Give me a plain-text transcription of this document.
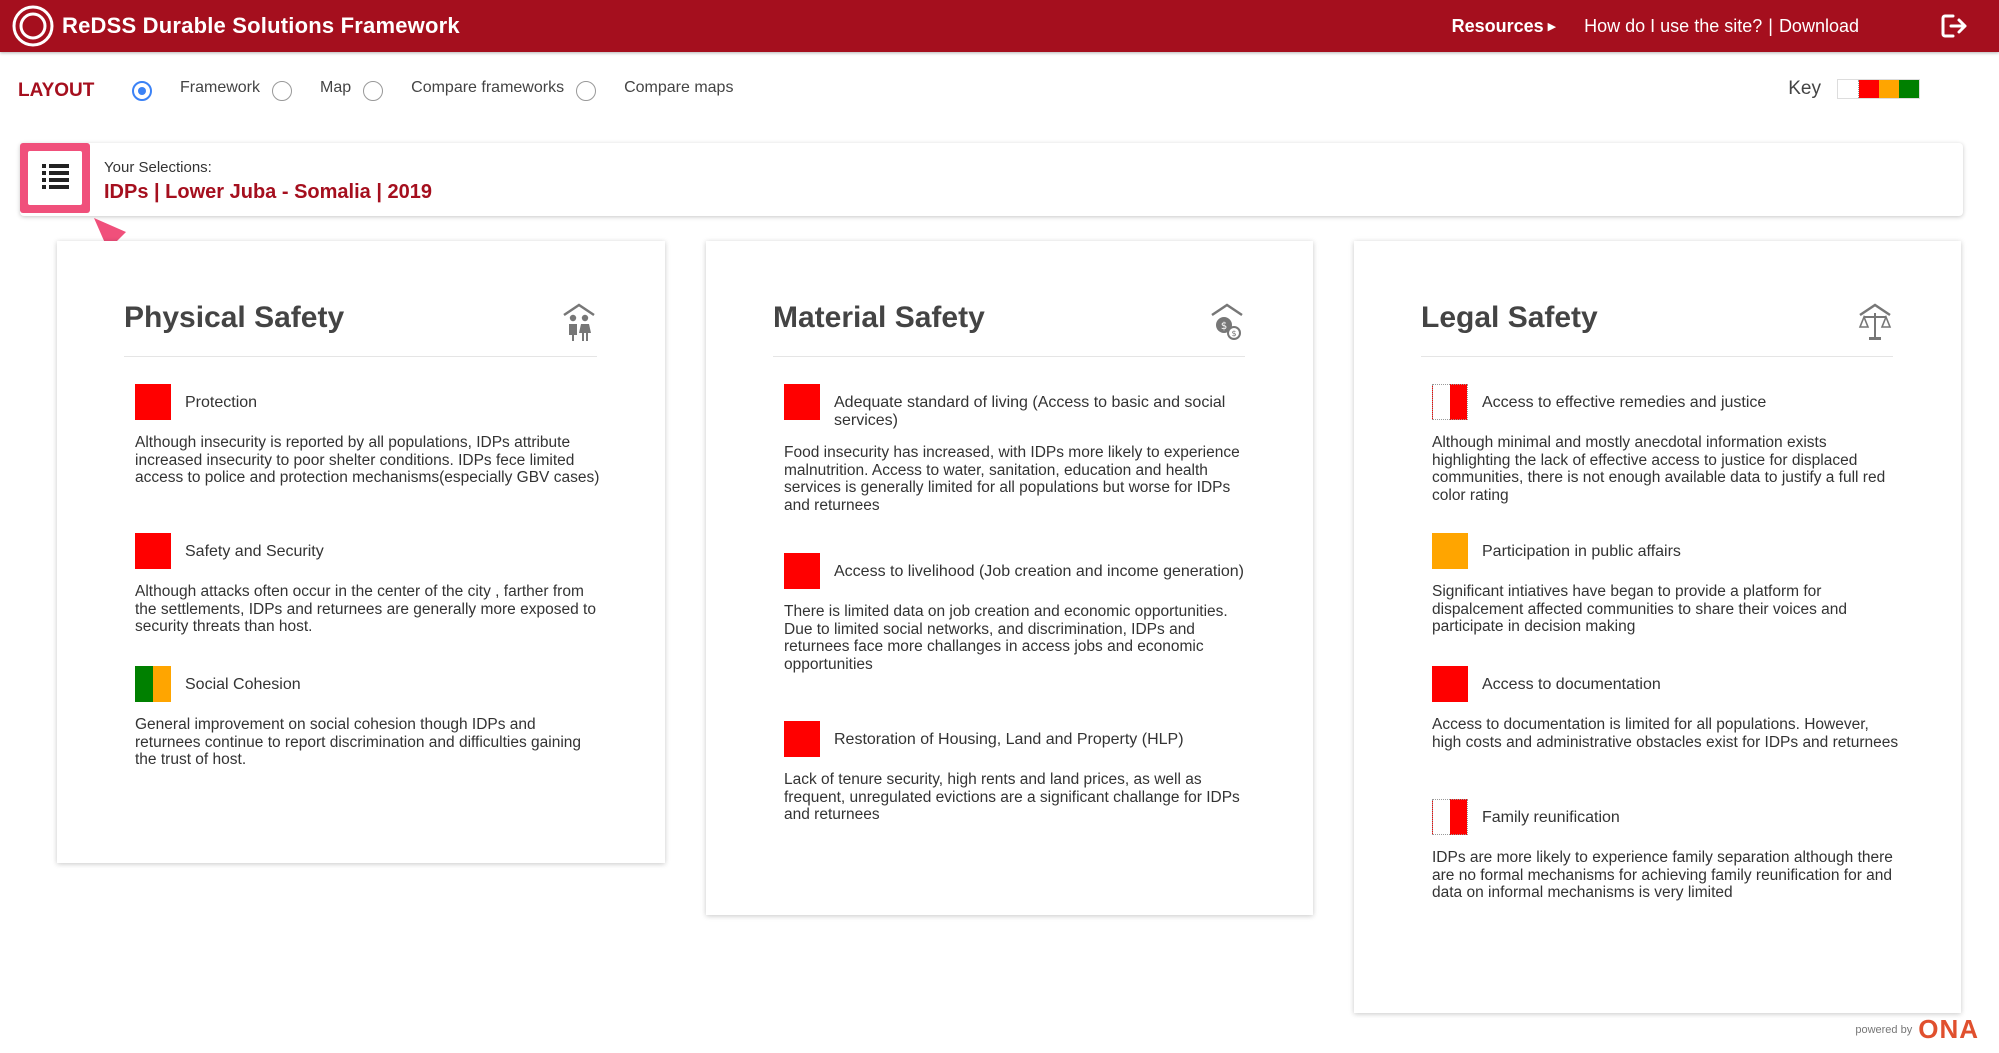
ReDSS Durable Solutions Framework	Resources ▶ How do I use the site? | Download
LAYOUT	Framework	Map	Compare frameworks	Compare maps	Key
Your Selections:
IDPs | Lower Juba - Somalia | 2019
Physical Safety
Protection
Although insecurity is reported by all populations, IDPs attribute increased insecurity to poor shelter conditions. IDPs fece limited access to police and protection mechanisms(especially GBV cases)
Safety and Security
Although attacks often occur in the center of the city , farther from the settlements, IDPs and returnees are generally more exposed to security threats than host.
Social Cohesion
General improvement on social cohesion though IDPs and returnees continue to report discrimination and difficulties gaining the trust of host.
Material Safety	$
$
Adequate standard of living (Access to basic and social services)
Food insecurity has increased, with IDPs more likely to experience malnutrition. Access to water, sanitation, education and health services is generally limited for all populations but worse for IDPs and returnees
Access to livelihood (Job creation and income generation)
There is limited data on job creation and economic opportunities. Due to limited social networks, and discrimination, IDPs and returnees face more challanges in access jobs and economic opportunities
Restoration of Housing, Land and Property (HLP)
Lack of tenure security, high rents and land prices, as well as frequent, unregulated evictions are a significant challange for IDPs and returnees
Legal Safety
Access to effective remedies and justice
Although minimal and mostly anecdotal information exists highlighting the lack of effective access to justice for displaced communities, there is not enough available data to justify a full red color rating
Participation in public affairs
Significant intiatives have began to provide a platform for dispalcement affected communities to share their voices and participate in decision making
Access to documentation
Access to documentation is limited for all populations. However, high costs and administrative obstacles exist for IDPs and returnees
Family reunification
IDPs are more likely to experience family separation although there are no formal mechanisms for achieving family reunification for and data on informal mechanisms is very limited
powered by ONA
